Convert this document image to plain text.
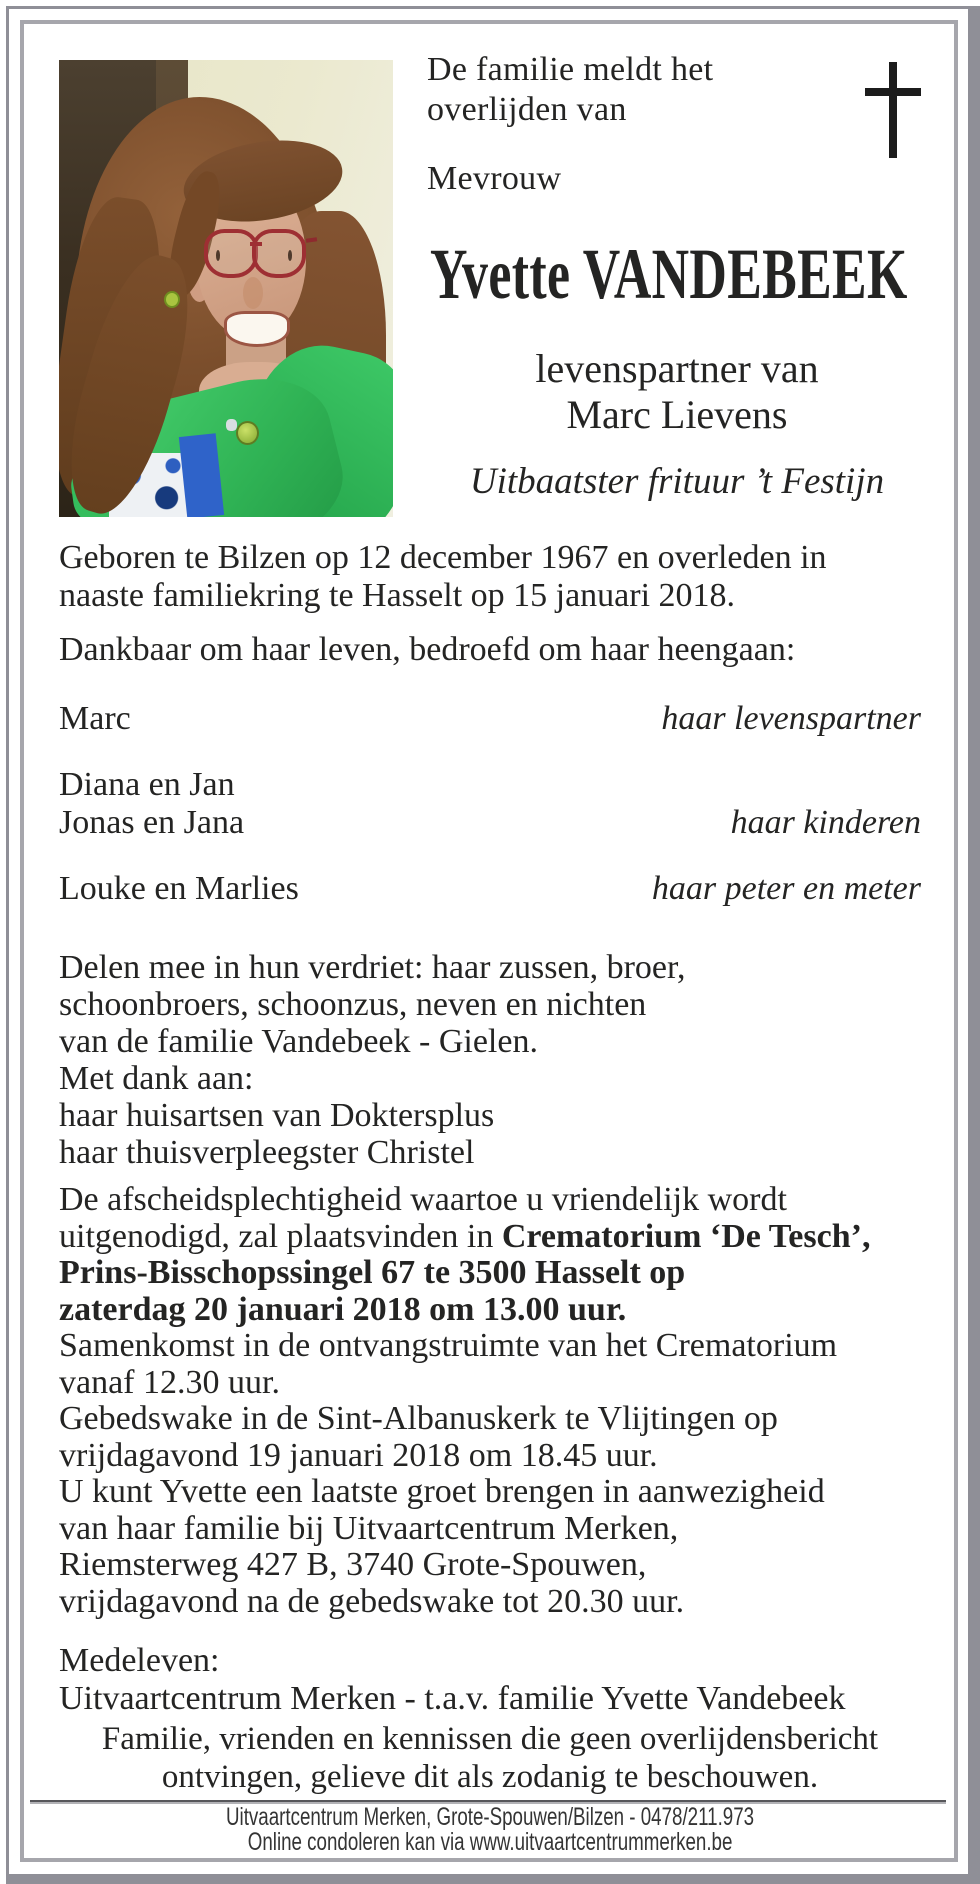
De familie meldt het
overlijden van
Mevrouw
Yvette VANDEBEEK
levenspartner van
Marc Lievens
Uitbaatster frituur ’t Festijn
Geboren te Bilzen op 12 december 1967 en overleden in
naaste familiekring te Hasselt op 15 januari 2018.
Dankbaar om haar leven, bedroefd om haar heengaan:
Marc	haar levenspartner
Diana en Jan
Jonas en Jana	haar kinderen
Louke en Marlies	haar peter en meter
Delen mee in hun verdriet: haar zussen, broer,
schoonbroers, schoonzus, neven en nichten
van de familie Vandebeek - Gielen.
Met dank aan:
haar huisartsen van Doktersplus
haar thuisverpleegster Christel
De afscheidsplechtigheid waartoe u vriendelijk wordt
uitgenodigd, zal plaatsvinden in Crematorium ‘De Tesch’,
Prins-Bisschopssingel 67 te 3500 Hasselt op
zaterdag 20 januari 2018 om 13.00 uur.
Samenkomst in de ontvangstruimte van het Crematorium
vanaf 12.30 uur.
Gebedswake in de Sint-Albanuskerk te Vlijtingen op
vrijdagavond 19 januari 2018 om 18.45 uur.
U kunt Yvette een laatste groet brengen in aanwezigheid
van haar familie bij Uitvaartcentrum Merken,
Riemsterweg 427 B, 3740 Grote-Spouwen,
vrijdagavond na de gebedswake tot 20.30 uur.
Medeleven:
Uitvaartcentrum Merken - t.a.v. familie Yvette Vandebeek
Familie, vrienden en kennissen die geen overlijdensbericht
ontvingen, gelieve dit als zodanig te beschouwen.
Uitvaartcentrum Merken, Grote-Spouwen/Bilzen - 0478/211.973
Online condoleren kan via www.uitvaartcentrummerken.be
